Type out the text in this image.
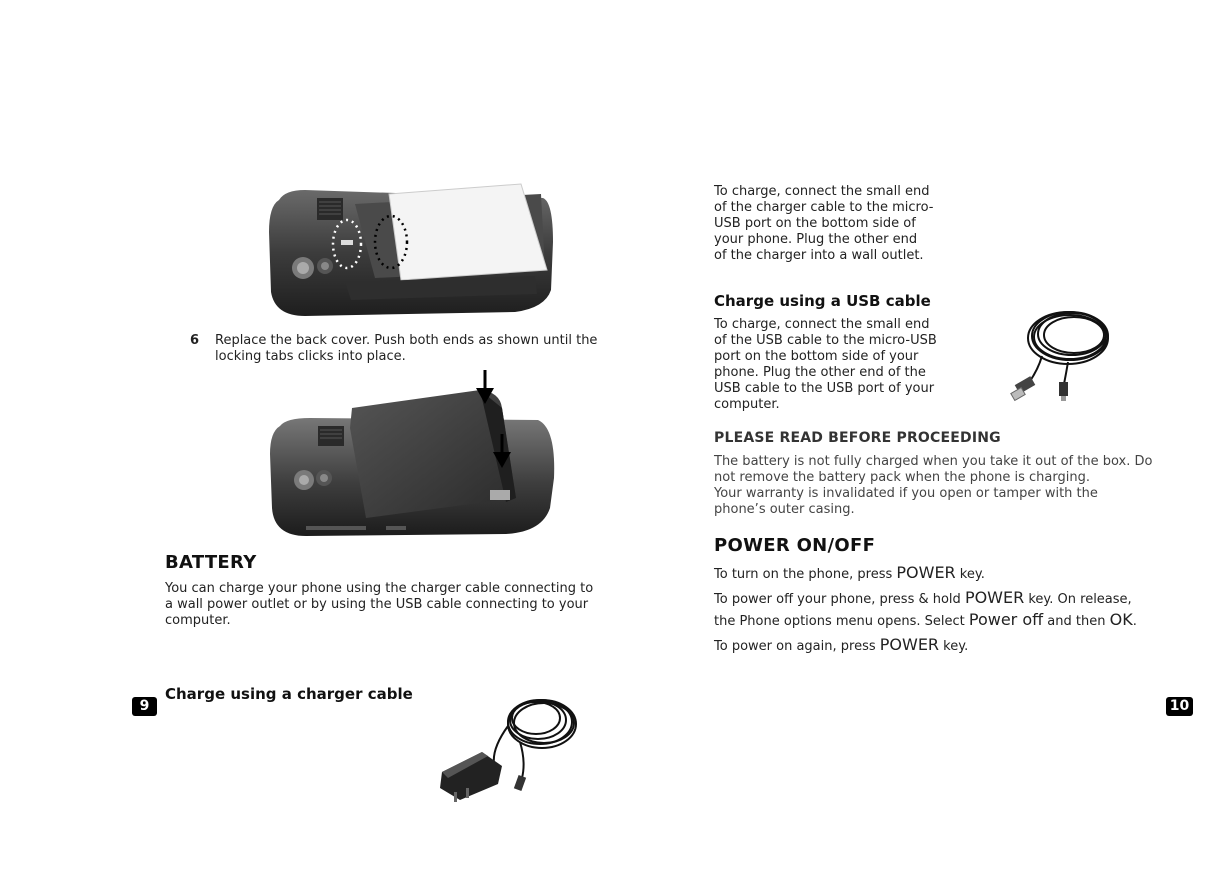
6 Replace the back cover. Push both ends as shown until the

locking tabs clicks into place.

BATTERY

You can charge your phone using the charger cable connecting to

a wall power outlet or by using the USB cable connecting to your

computer.

Charge using a charger cable
9

To charge, connect the small end

of the charger cable to the micro-

USB port on the bottom side of

your phone. Plug the other end

of the charger into a wall outlet.

Charge using a USB cable

To charge, connect the small end

of the USB cable to the micro-USB

port on the bottom side of your

phone. Plug the other end of the

USB cable to the USB port of your

computer.

PLEASE READ BEFORE PROCEEDING

The battery is not fully charged when you take it out of the box. Do

not remove the battery pack when the phone is charging.

Your warranty is invalidated if you open or tamper with the

phone’s outer casing.

POWER ON/OFF

To turn on the phone, press POWER key.

To power off your phone, press & hold POWER key. On release,

the Phone options menu opens. Select Power off and then OK.

To power on again, press POWER key.

10
